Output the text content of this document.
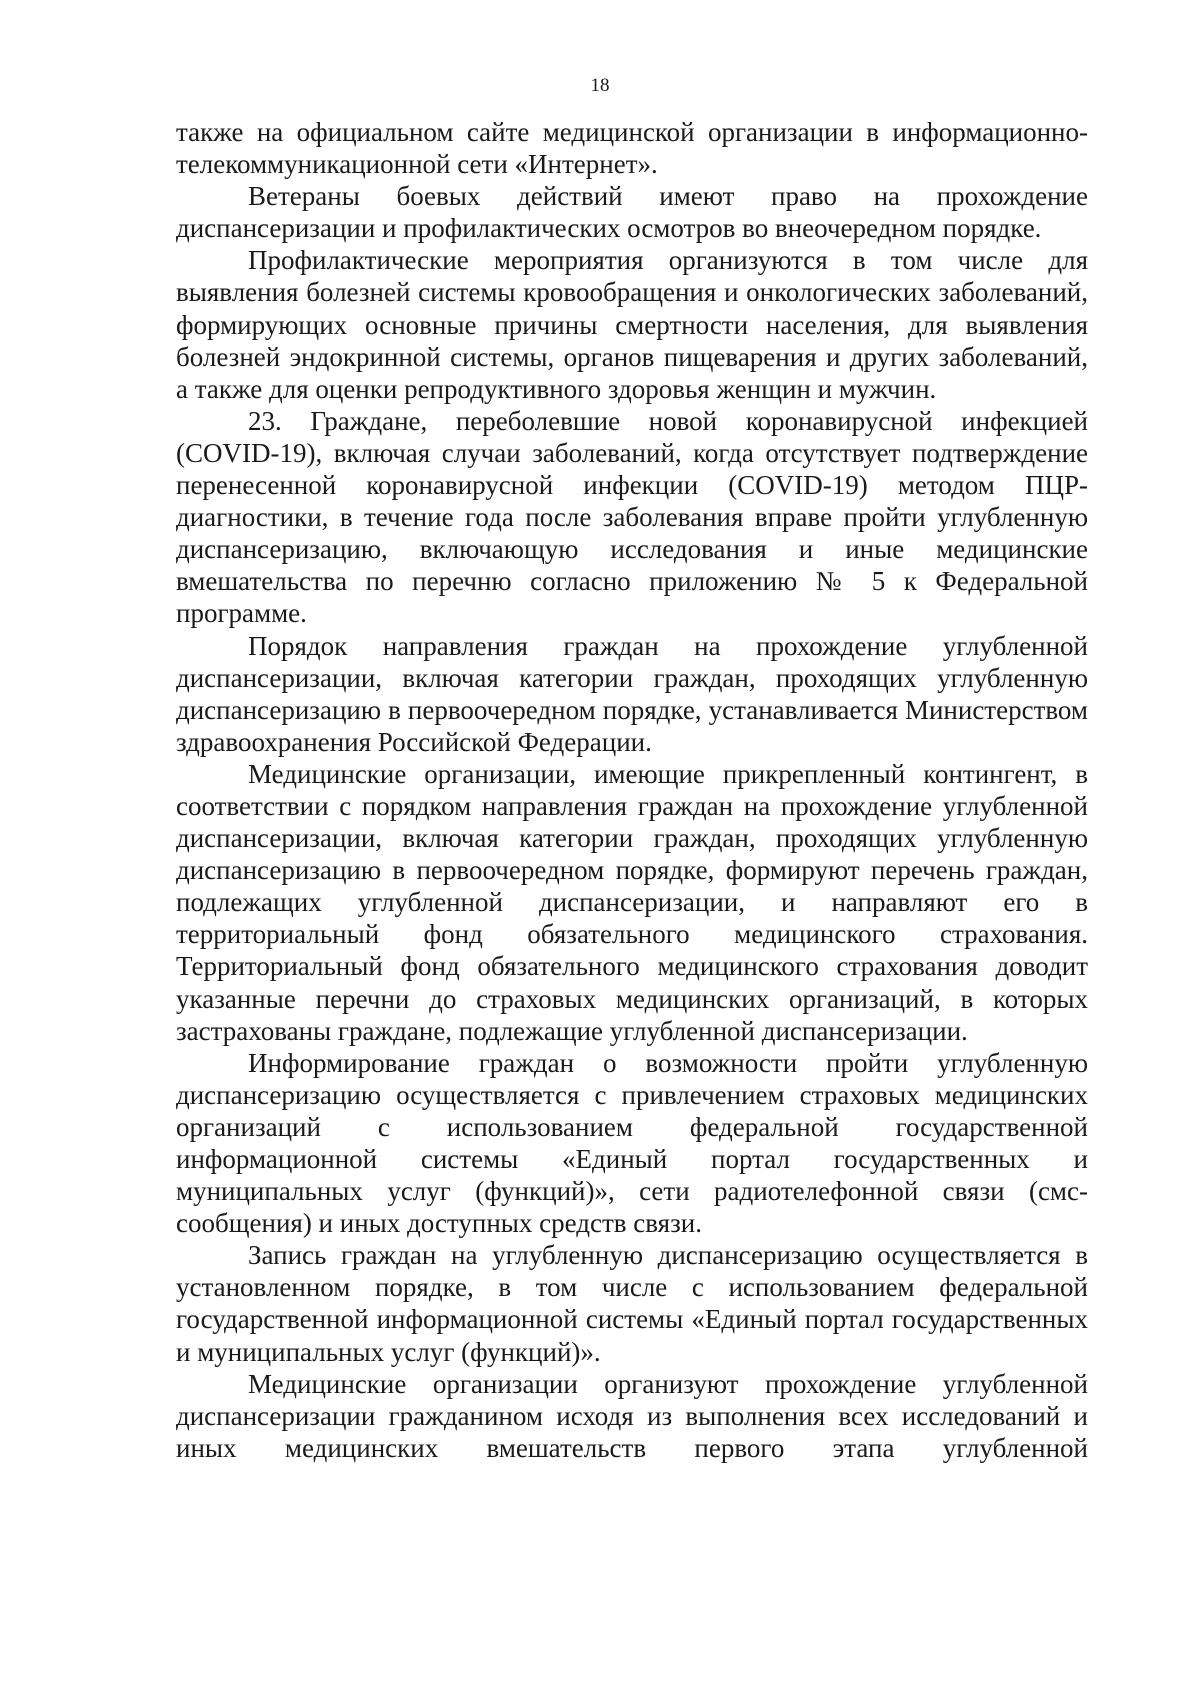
18

также на официальном сайте медицинской организации в информационно-телекоммуникационной сети «Интернет».

Ветераны боевых действий имеют право на прохождение диспансеризации и профилактических осмотров во внеочередном порядке.

Профилактические мероприятия организуются в том числе для выявления болезней системы кровообращения и онкологических заболеваний, формирующих основные причины смертности населения, для выявления болезней эндокринной системы, органов пищеварения и других заболеваний, а также для оценки репродуктивного здоровья женщин и мужчин.

23. Граждане, переболевшие новой коронавирусной инфекцией (COVID-19), включая случаи заболеваний, когда отсутствует подтверждение перенесенной коронавирусной инфекции (COVID-19) методом ПЦР-диагностики, в течение года после заболевания вправе пройти углубленную диспансеризацию, включающую исследования и иные медицинские вмешательства по перечню согласно приложению № 5 к Федеральной программе.

Порядок направления граждан на прохождение углубленной диспансеризации, включая категории граждан, проходящих углубленную диспансеризацию в первоочередном порядке, устанавливается Министерством здравоохранения Российской Федерации.

Медицинские организации, имеющие прикрепленный контингент, в соответствии с порядком направления граждан на прохождение углубленной диспансеризации, включая категории граждан, проходящих углубленную диспансеризацию в первоочередном порядке, формируют перечень граждан, подлежащих углубленной диспансеризации, и направляют его в территориальный фонд обязательного медицинского страхования. Территориальный фонд обязательного медицинского страхования доводит указанные перечни до страховых медицинских организаций, в которых застрахованы граждане, подлежащие углубленной диспансеризации.

Информирование граждан о возможности пройти углубленную диспансеризацию осуществляется с привлечением страховых медицинских организаций с использованием федеральной государственной информационной системы «Единый портал государственных и муниципальных услуг (функций)», сети радиотелефонной связи (смс-сообщения) и иных доступных средств связи.

Запись граждан на углубленную диспансеризацию осуществляется в установленном порядке, в том числе с использованием федеральной государственной информационной системы «Единый портал государственных и муниципальных услуг (функций)».

Медицинские организации организуют прохождение углубленной диспансеризации гражданином исходя из выполнения всех исследований и иных медицинских вмешательств первого этапа углубленной
